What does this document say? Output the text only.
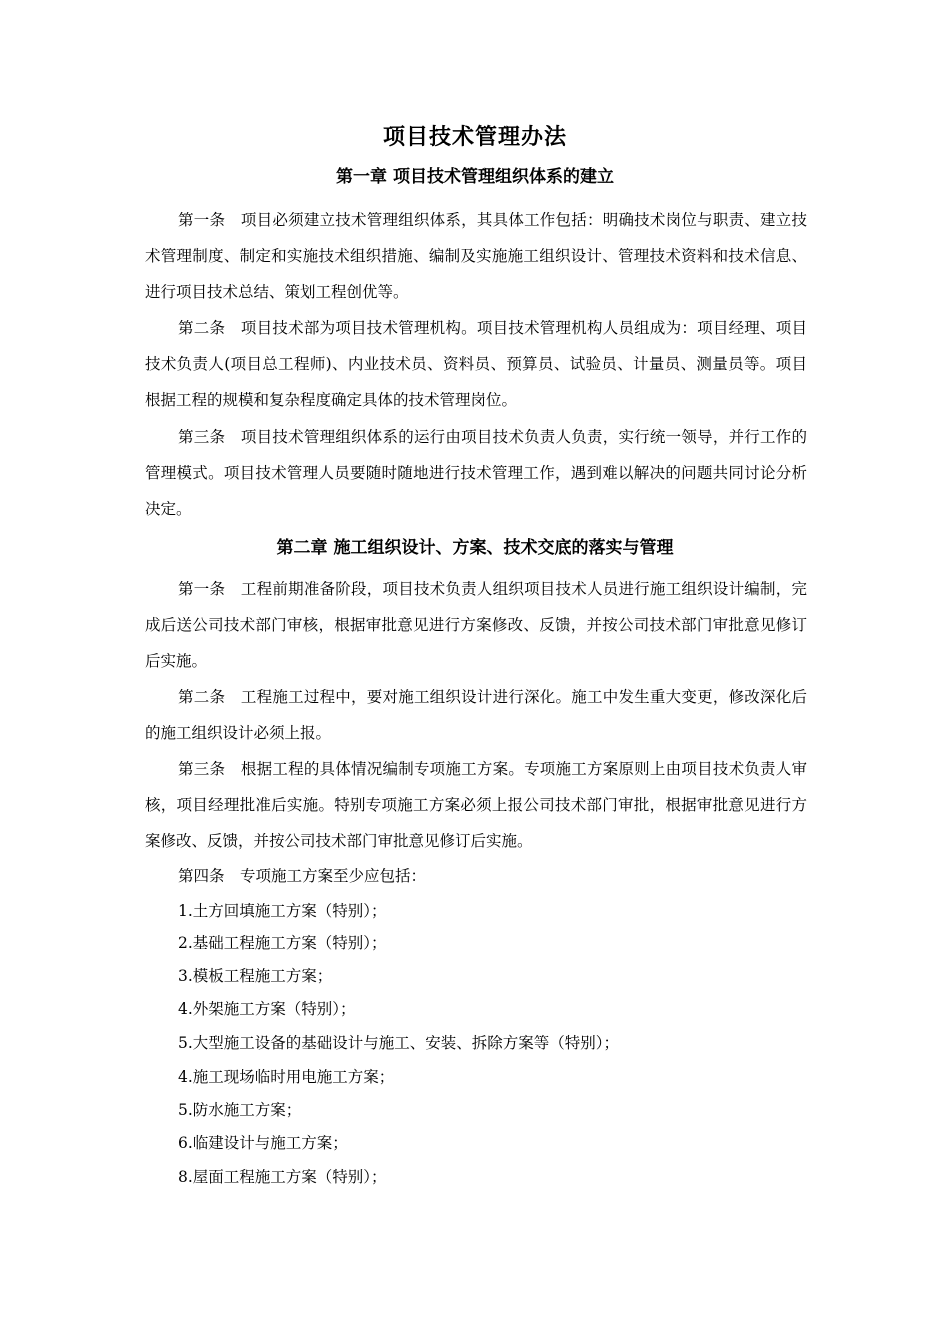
项目技术管理办法
第一章 项目技术管理组织体系的建立

第一条　项目必须建立技术管理组织体系，其具体工作包括：明确技术岗位与职责、建立技术管理制度、制定和实施技术组织措施、编制及实施施工组织设计、管理技术资料和技术信息、进行项目技术总结、策划工程创优等。

第二条　项目技术部为项目技术管理机构。项目技术管理机构人员组成为：项目经理、项目技术负责人(项目总工程师)、内业技术员、资料员、预算员、试验员、计量员、测量员等。项目根据工程的规模和复杂程度确定具体的技术管理岗位。

第三条　项目技术管理组织体系的运行由项目技术负责人负责，实行统一领导，并行工作的管理模式。项目技术管理人员要随时随地进行技术管理工作，遇到难以解决的问题共同讨论分析决定。

第二章 施工组织设计、方案、技术交底的落实与管理

第一条　工程前期准备阶段，项目技术负责人组织项目技术人员进行施工组织设计编制，完成后送公司技术部门审核，根据审批意见进行方案修改、反馈，并按公司技术部门审批意见修订后实施。

第二条　工程施工过程中，要对施工组织设计进行深化。施工中发生重大变更，修改深化后的施工组织设计必须上报。

第三条　根据工程的具体情况编制专项施工方案。专项施工方案原则上由项目技术负责人审核，项目经理批准后实施。特别专项施工方案必须上报公司技术部门审批，根据审批意见进行方案修改、反馈，并按公司技术部门审批意见修订后实施。

第四条　专项施工方案至少应包括：

1.土方回填施工方案（特别）；
2.基础工程施工方案（特别）；
3.模板工程施工方案；
4.外架施工方案（特别）；
5.大型施工设备的基础设计与施工、安装、拆除方案等（特别）；
4.施工现场临时用电施工方案；
5.防水施工方案；
6.临建设计与施工方案；
8.屋面工程施工方案（特别）；
